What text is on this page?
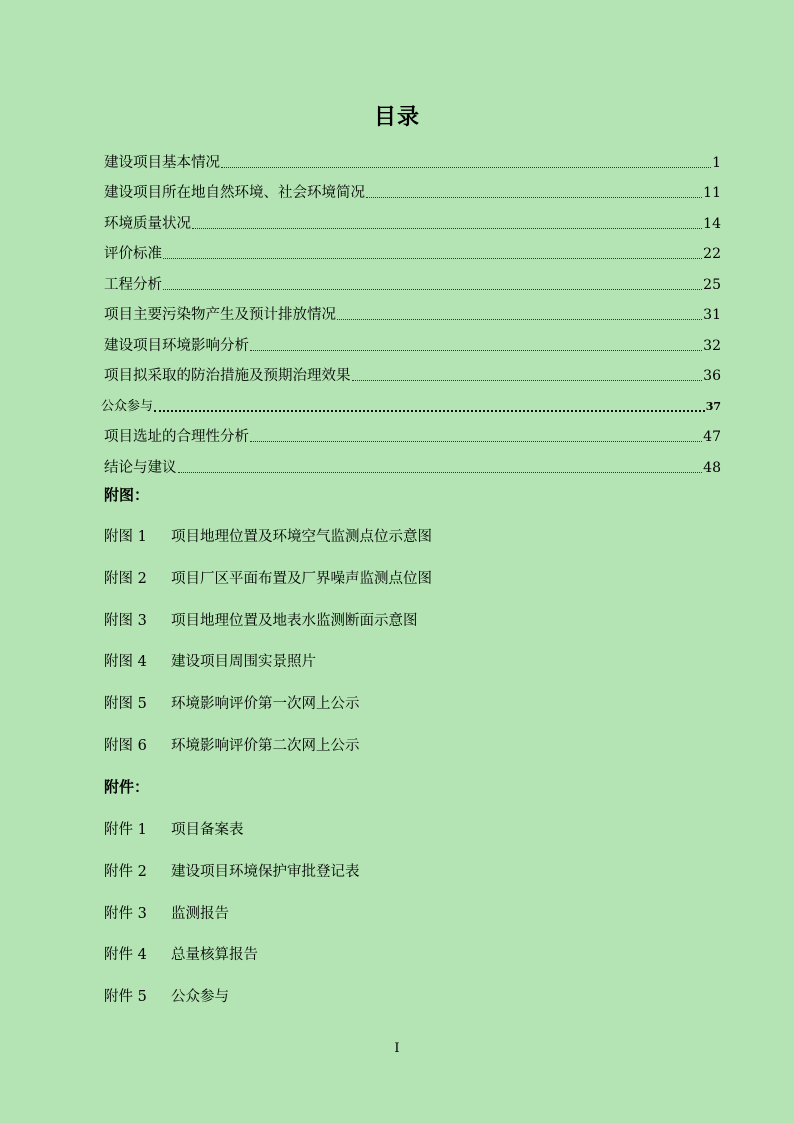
目录
建设项目基本情况	1
建设项目所在地自然环境、社会环境简况	11
环境质量状况	14
评价标准	22
工程分析	25
项目主要污染物产生及预计排放情况	31
建设项目环境影响分析	32
项目拟采取的防治措施及预期治理效果	36
公众参与	37
项目选址的合理性分析	47
结论与建议	48
附图：
附图 1	项目地理位置及环境空气监测点位示意图
附图 2	项目厂区平面布置及厂界噪声监测点位图
附图 3	项目地理位置及地表水监测断面示意图
附图 4	建设项目周围实景照片
附图 5	环境影响评价第一次网上公示
附图 6	环境影响评价第二次网上公示
附件：
附件 1	项目备案表
附件 2	建设项目环境保护审批登记表
附件 3	监测报告
附件 4	总量核算报告
附件 5	公众参与
I
